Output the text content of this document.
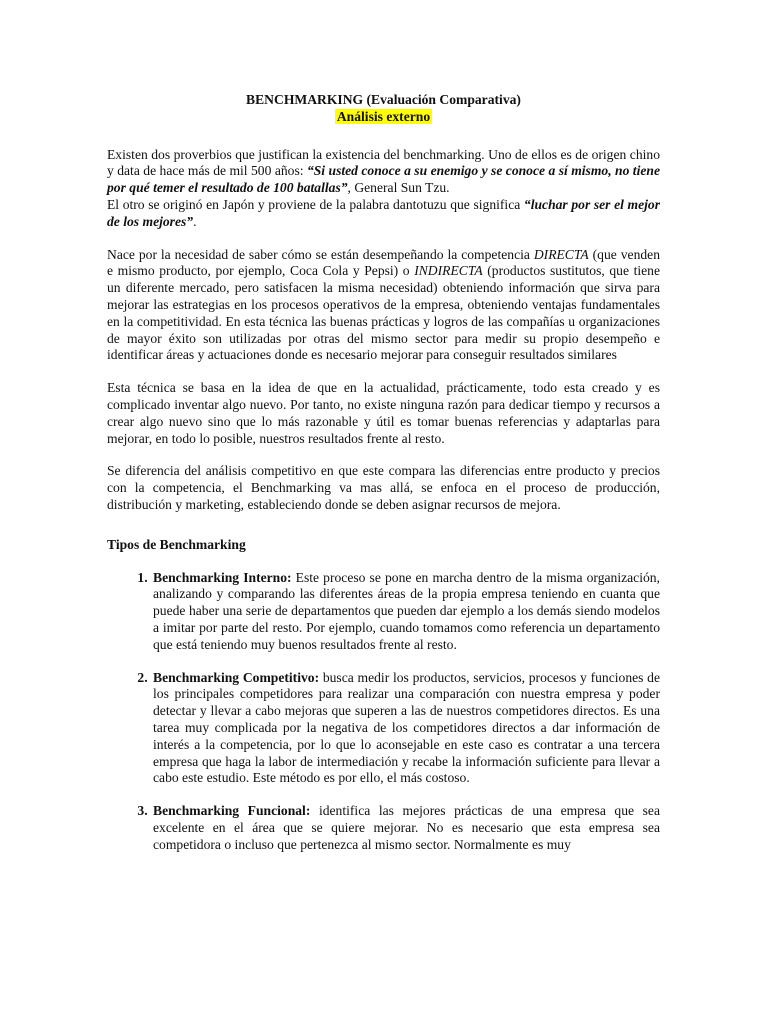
BENCHMARKING (Evaluación Comparativa)

Análisis externo

Existen dos proverbios que justifican la existencia del benchmarking. Uno de ellos es de origen chino y data de hace más de mil 500 años: “Si usted conoce a su enemigo y se conoce a sí mismo, no tiene por qué temer el resultado de 100 batallas”, General Sun Tzu.

El otro se originó en Japón y proviene de la palabra dantotuzu que significa “luchar por ser el mejor de los mejores”.

Nace por la necesidad de saber cómo se están desempeñando la competencia DIRECTA (que venden e mismo producto, por ejemplo, Coca Cola y Pepsi) o INDIRECTA (productos sustitutos, que tiene un diferente mercado, pero satisfacen la misma necesidad) obteniendo información que sirva para mejorar las estrategias en los procesos operativos de la empresa, obteniendo ventajas fundamentales en la competitividad. En esta técnica las buenas prácticas y logros de las compañías u organizaciones de mayor éxito son utilizadas por otras del mismo sector para medir su propio desempeño e identificar áreas y actuaciones donde es necesario mejorar para conseguir resultados similares

Esta técnica se basa en la idea de que en la actualidad, prácticamente, todo esta creado y es complicado inventar algo nuevo. Por tanto, no existe ninguna razón para dedicar tiempo y recursos a crear algo nuevo sino que lo más razonable y útil es tomar buenas referencias y adaptarlas para mejorar, en todo lo posible, nuestros resultados frente al resto.

Se diferencia del análisis competitivo en que este compara las diferencias entre producto y precios con la competencia, el Benchmarking va mas allá, se enfoca en el proceso de producción, distribución y marketing, estableciendo donde se deben asignar recursos de mejora.

Tipos de Benchmarking
1. Benchmarking Interno: Este proceso se pone en marcha dentro de la misma organización, analizando y comparando las diferentes áreas de la propia empresa teniendo en cuanta que puede haber una serie de departamentos que pueden dar ejemplo a los demás siendo modelos a imitar por parte del resto. Por ejemplo, cuando tomamos como referencia un departamento que está teniendo muy buenos resultados frente al resto.
2. Benchmarking Competitivo: busca medir los productos, servicios, procesos y funciones de los principales competidores para realizar una comparación con nuestra empresa y poder detectar y llevar a cabo mejoras que superen a las de nuestros competidores directos. Es una tarea muy complicada por la negativa de los competidores directos a dar información de interés a la competencia, por lo que lo aconsejable en este caso es contratar a una tercera empresa que haga la labor de intermediación y recabe la información suficiente para llevar a cabo este estudio. Este método es por ello, el más costoso.
3. Benchmarking Funcional: identifica las mejores prácticas de una empresa que sea excelente en el área que se quiere mejorar. No es necesario que esta empresa sea competidora o incluso que pertenezca al mismo sector. Normalmente es muy
